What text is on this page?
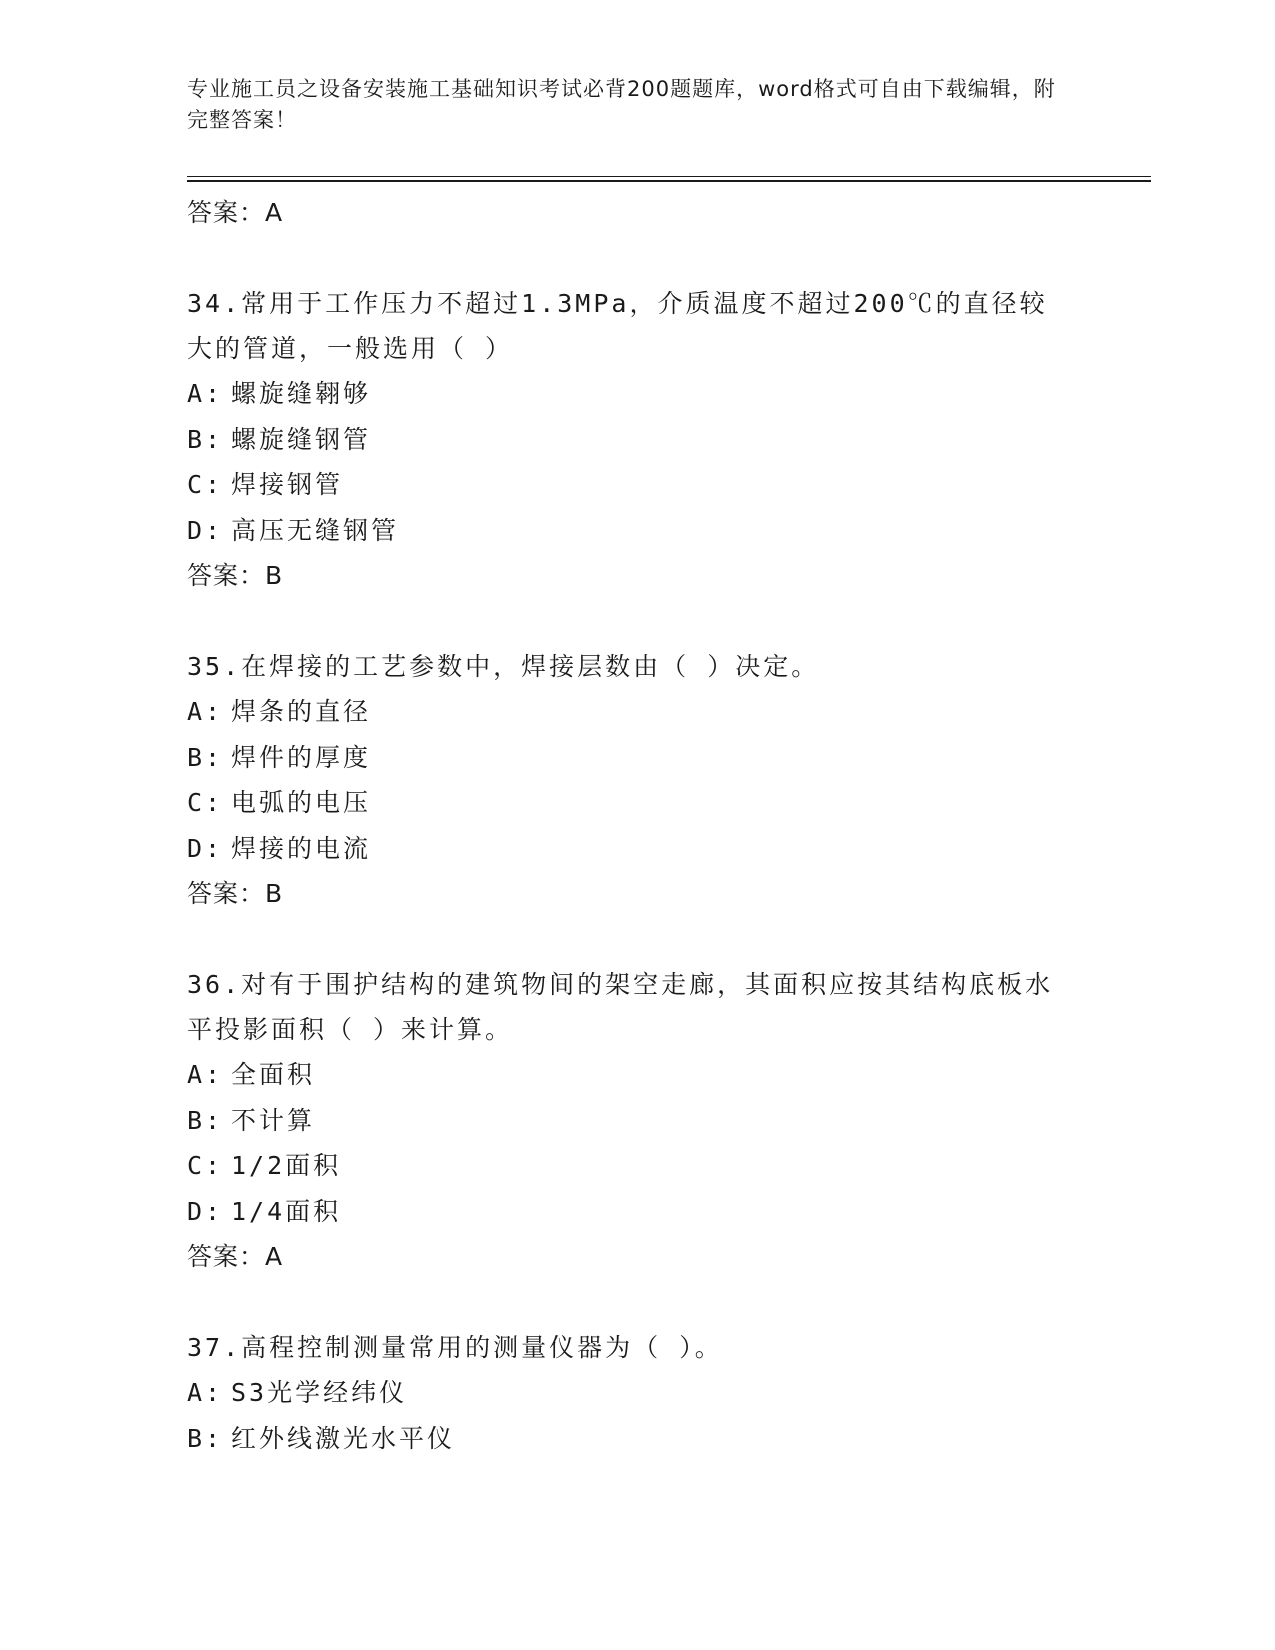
专业施工员之设备安装施工基础知识考试必背200题题库，word格式可自由下载编辑，附完整答案！
答案：A
34.常用于工作压力不超过1.3MPa，介质温度不超过200℃的直径较大的管道，一般选用（ ）
A: 螺旋缝翱够
B: 螺旋缝钢管
C: 焊接钢管
D: 高压无缝钢管
答案：B
35.在焊接的工艺参数中，焊接层数由（ ）决定。
A: 焊条的直径
B: 焊件的厚度
C: 电弧的电压
D: 焊接的电流
答案：B
36.对有于围护结构的建筑物间的架空走廊，其面积应按其结构底板水平投影面积（ ）来计算。
A: 全面积
B: 不计算
C: 1/2面积
D: 1/4面积
答案：A
37.高程控制测量常用的测量仪器为（ ）。
A: S3光学经纬仪
B: 红外线激光水平仪
